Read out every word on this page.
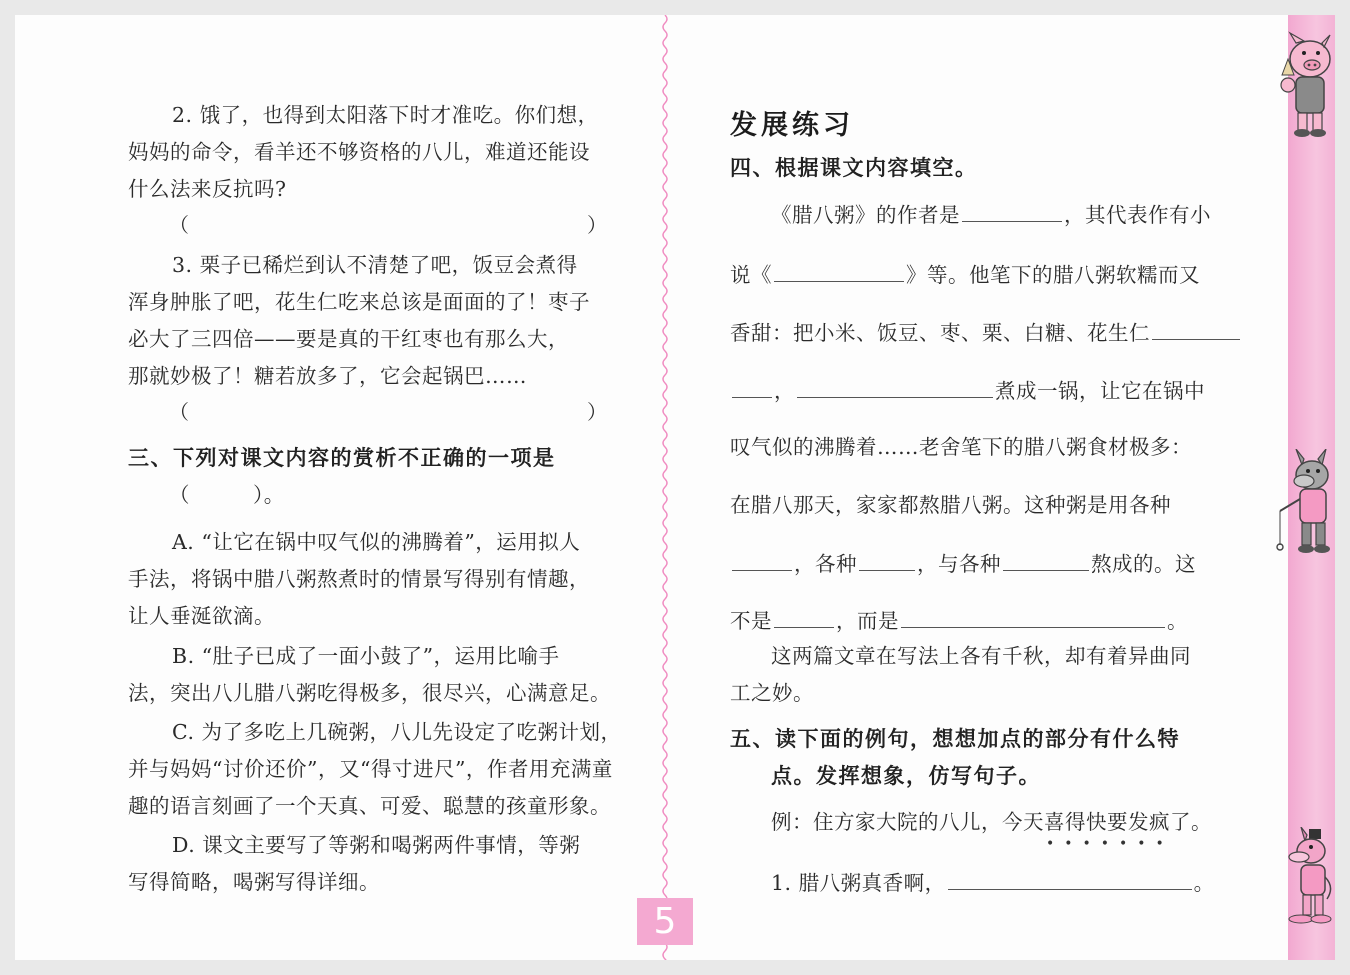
2. 饿了，也得到太阳落下时才准吃。你们想，
妈妈的命令，看羊还不够资格的八儿，难道还能设
什么法来反抗吗?
（	）
3. 栗子已稀烂到认不清楚了吧，饭豆会煮得
浑身肿胀了吧，花生仁吃来总该是面面的了！枣子
必大了三四倍——要是真的干红枣也有那么大，
那就妙极了！糖若放多了，它会起锅巴……
（	）
三、下列对课文内容的赏析不正确的一项是
（　　　）。
A. “让它在锅中叹气似的沸腾着”，运用拟人
手法，将锅中腊八粥熬煮时的情景写得别有情趣，
让人垂涎欲滴。
B. “肚子已成了一面小鼓了”，运用比喻手
法，突出八儿腊八粥吃得极多，很尽兴，心满意足。
C. 为了多吃上几碗粥，八儿先设定了吃粥计划，
并与妈妈“讨价还价”，又“得寸进尺”，作者用充满童
趣的语言刻画了一个天真、可爱、聪慧的孩童形象。
D. 课文主要写了等粥和喝粥两件事情，等粥
写得简略，喝粥写得详细。
发展练习
四、根据课文内容填空。
《腊八粥》的作者是	，其代表作有小
说《	》等。他笔下的腊八粥软糯而又
香甜：把小米、饭豆、枣、栗、白糖、花生仁
，	煮成一锅，让它在锅中
叹气似的沸腾着……老舍笔下的腊八粥食材极多：
在腊八那天，家家都熬腊八粥。这种粥是用各种
，各种	，与各种	熬成的。这
不是	，而是	。
这两篇文章在写法上各有千秋，却有着异曲同
工之妙。
五、读下面的例句，想想加点的部分有什么特
点。发挥想象，仿写句子。
例：住方家大院的八儿，今天喜得快要发疯了。
•••••••
1. 腊八粥真香啊，	。
5
